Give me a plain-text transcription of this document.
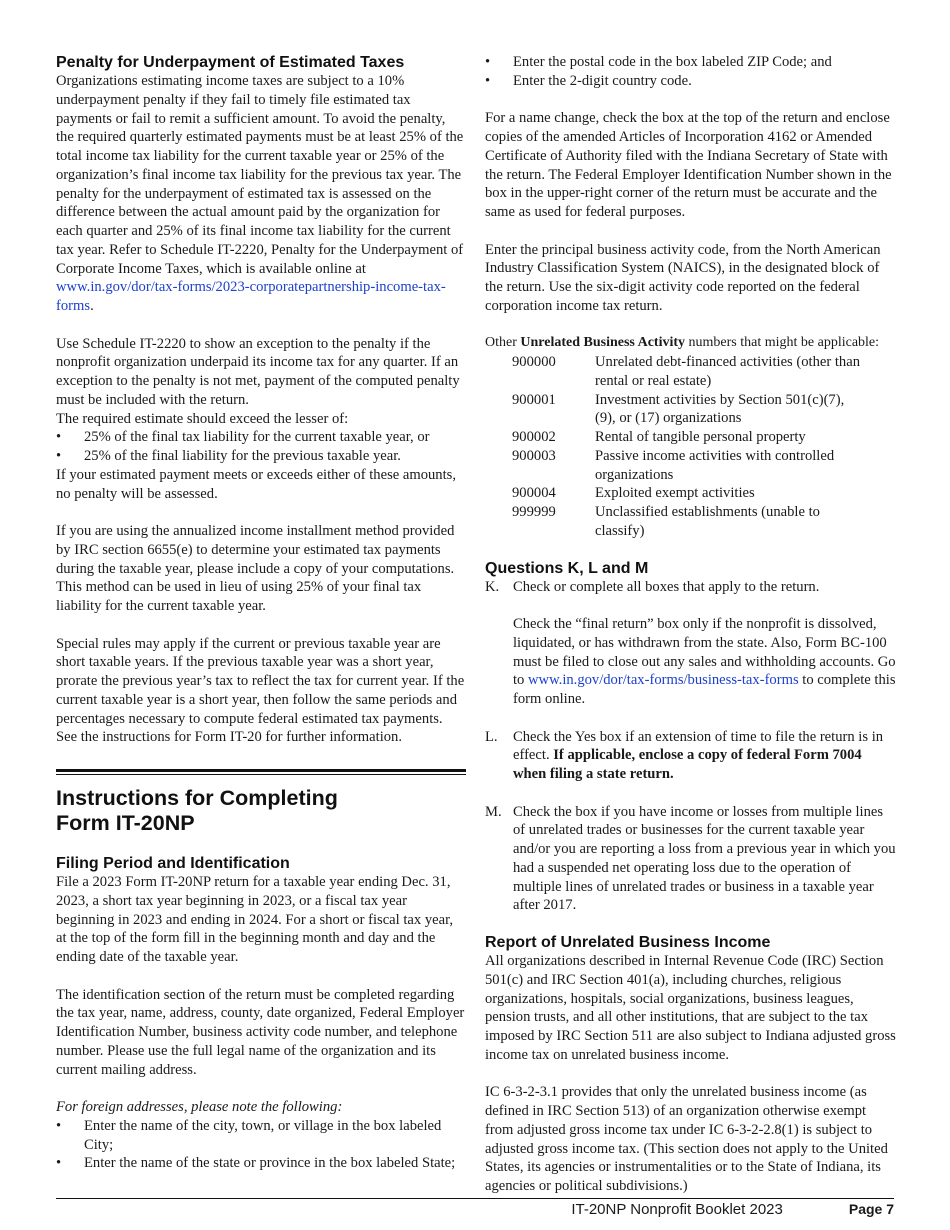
Penalty for Underpayment of Estimated Taxes

Organizations estimating income taxes are subject to a 10% underpayment penalty if they fail to timely file estimated tax payments or fail to remit a sufficient amount. To avoid the penalty, the required quarterly estimated payments must be at least 25% of the total income tax liability for the current taxable year or 25% of the organization’s final income tax liability for the previous tax year. The penalty for the underpayment of estimated tax is assessed on the difference between the actual amount paid by the organization for each quarter and 25% of its final income tax liability for the current tax year. Refer to Schedule IT-2220, Penalty for the Underpayment of Corporate Income Taxes, which is available online at www.in.gov/dor/tax-forms/2023-corporatepartnership-income-tax-forms.

Use Schedule IT-2220 to show an exception to the penalty if the nonprofit organization underpaid its income tax for any quarter. If an exception to the penalty is not met, payment of the computed penalty must be included with the return.

The required estimate should exceed the lesser of:

• 25% of the final tax liability for the current taxable year, or
• 25% of the final liability for the previous taxable year.

If your estimated payment meets or exceeds either of these amounts, no penalty will be assessed.

If you are using the annualized income installment method provided by IRC section 6655(e) to determine your estimated tax payments during the taxable year, please include a copy of your computations. This method can be used in lieu of using 25% of your final tax liability for the current taxable year.

Special rules may apply if the current or previous taxable year are short taxable years. If the previous taxable year was a short year, prorate the previous year’s tax to reflect the tax for current year. If the current taxable year is a short year, then follow the same periods and percentages necessary to compute federal estimated tax payments. See the instructions for Form IT-20 for further information.

Instructions for Completing
Form IT-20NP
Filing Period and Identification

File a 2023 Form IT-20NP return for a taxable year ending Dec. 31, 2023, a short tax year beginning in 2023, or a fiscal tax year beginning in 2023 and ending in 2024. For a short or fiscal tax year, at the top of the form fill in the beginning month and day and the ending date of the taxable year.

The identification section of the return must be completed regarding the tax year, name, address, county, date organized, Federal Employer Identification Number, business activity code number, and telephone number. Please use the full legal name of the organization and its current mailing address.

For foreign addresses, please note the following:
• Enter the name of the city, town, or village in the box labeled City;
• Enter the name of the state or province in the box labeled State;
• Enter the postal code in the box labeled ZIP Code; and
• Enter the 2-digit country code.

For a name change, check the box at the top of the return and enclose copies of the amended Articles of Incorporation 4162 or Amended Certificate of Authority filed with the Indiana Secretary of State with the return. The Federal Employer Identification Number shown in the box in the upper-right corner of the return must be accurate and the same as used for federal purposes.

Enter the principal business activity code, from the North American Industry Classification System (NAICS), in the designated block of the return. Use the six-digit activity code reported on the federal corporation income tax return.

Other Unrelated Business Activity numbers that might be applicable:

900000	Unrelated debt-financed activities (other than rental or real estate)
900001	Investment activities by Section 501(c)(7), (9), or (17) organizations
900002	Rental of tangible personal property
900003	Passive income activities with controlled organizations
900004	Exploited exempt activities
999999	Unclassified establishments (unable to classify)
Questions K, L and M
K. Check or complete all boxes that apply to the return.
Check the “final return” box only if the nonprofit is dissolved, liquidated, or has withdrawn from the state. Also, Form BC-100 must be filed to close out any sales and withholding accounts. Go to www.in.gov/dor/tax-forms/business-tax-forms to complete this form online.
L. Check the Yes box if an extension of time to file the return is in effect. If applicable, enclose a copy of federal Form 7004 when filing a state return.
M. Check the box if you have income or losses from multiple lines of unrelated trades or businesses for the current taxable year and/or you are reporting a loss from a previous year in which you had a suspended net operating loss due to the operation of multiple lines of unrelated trades or business in a taxable year after 2017.
Report of Unrelated Business Income

All organizations described in Internal Revenue Code (IRC) Section 501(c) and IRC Section 401(a), including churches, religious organizations, hospitals, social organizations, business leagues, pension trusts, and all other institutions, that are subject to the tax imposed by IRC Section 511 are also subject to Indiana adjusted gross income tax on unrelated business income.

IC 6-3-2-3.1 provides that only the unrelated business income (as defined in IRC Section 513) of an organization otherwise exempt from adjusted gross income tax under IC 6-3-2-2.8(1) is subject to adjusted gross income tax. (This section does not apply to the United States, its agencies or instrumentalities or to the State of Indiana, its agencies or political subdivisions.)

IT-20NP Nonprofit Booklet 2023	Page 7
